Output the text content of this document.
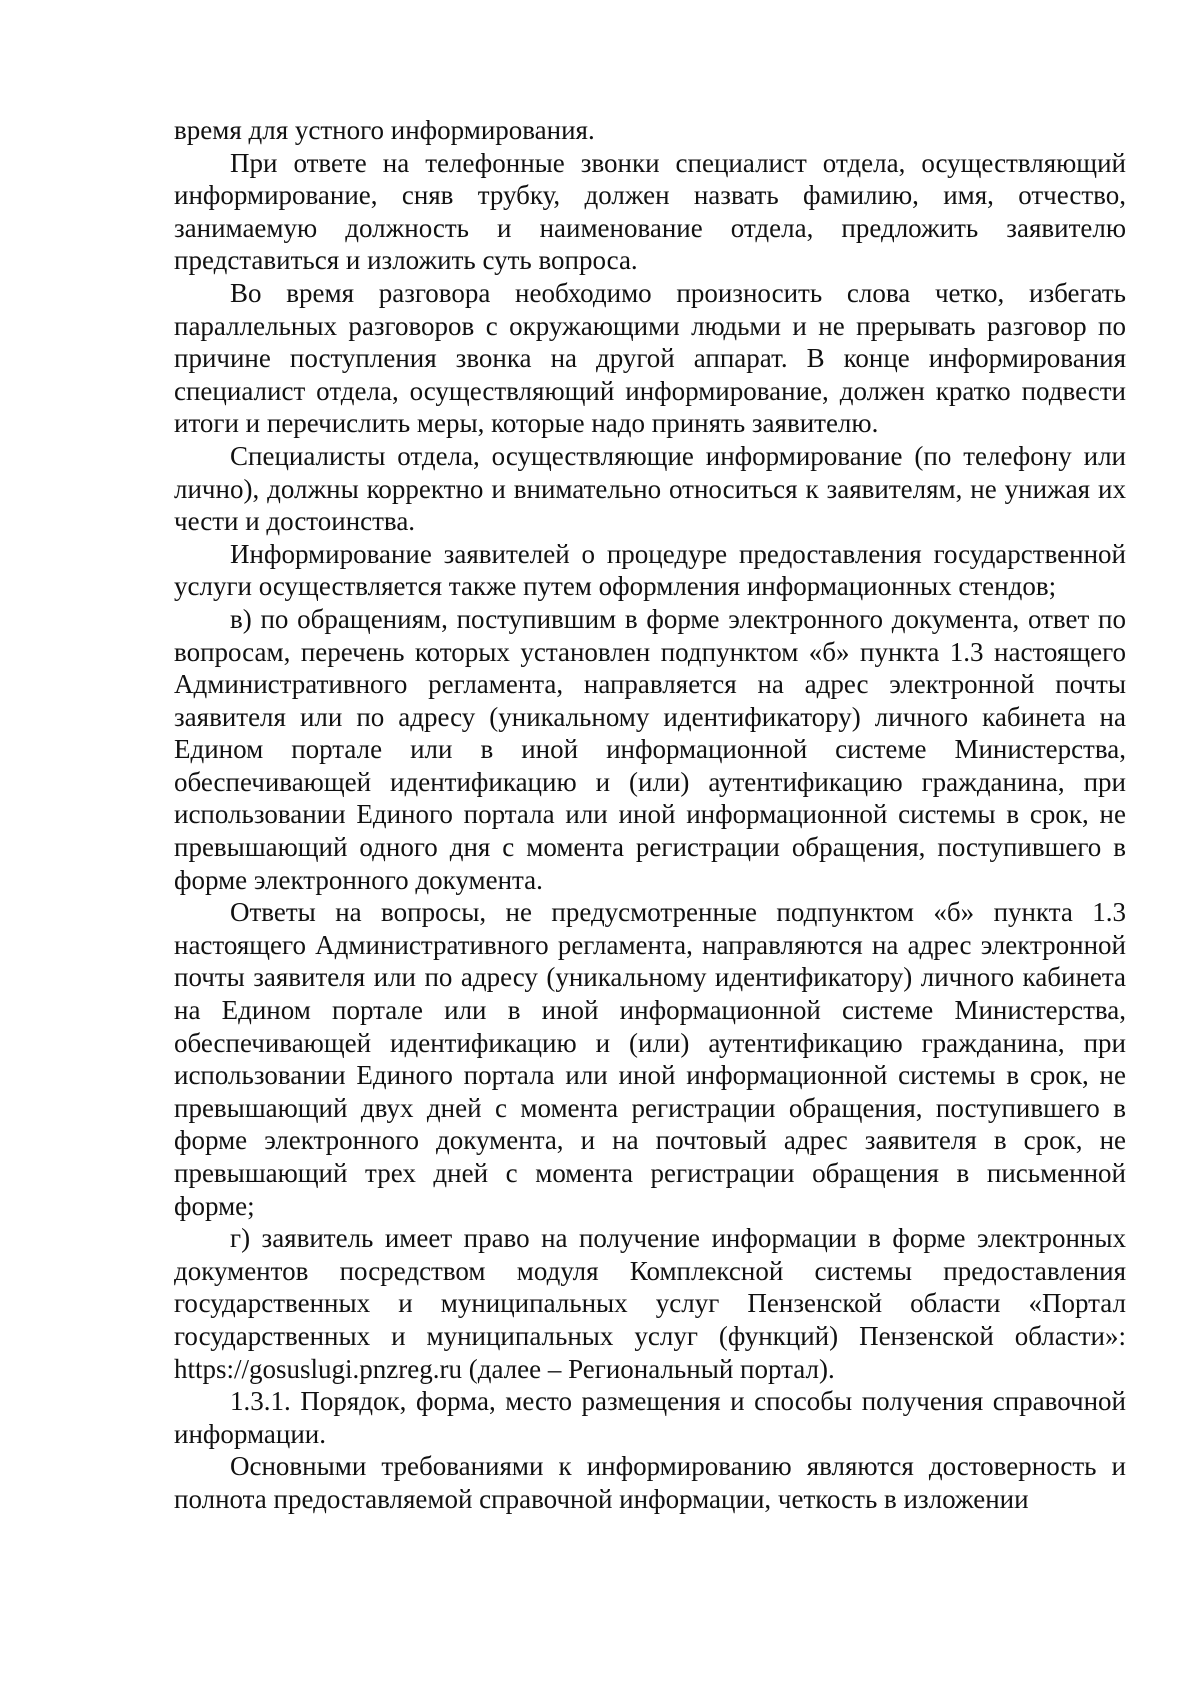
время для устного информирования.

При ответе на телефонные звонки специалист отдела, осуществляющий информирование, сняв трубку, должен назвать фамилию, имя, отчество, занимаемую должность и наименование отдела, предложить заявителю представиться и изложить суть вопроса.

Во время разговора необходимо произносить слова четко, избегать параллельных разговоров с окружающими людьми и не прерывать разговор по причине поступления звонка на другой аппарат. В конце информирования специалист отдела, осуществляющий информирование, должен кратко подвести итоги и перечислить меры, которые надо принять заявителю.

Специалисты отдела, осуществляющие информирование (по телефону или лично), должны корректно и внимательно относиться к заявителям, не унижая их чести и достоинства.

Информирование заявителей о процедуре предоставления государственной услуги осуществляется также путем оформления информационных стендов;

в) по обращениям, поступившим в форме электронного документа, ответ по вопросам, перечень которых установлен подпунктом «б» пункта 1.3 настоящего Административного регламента, направляется на адрес электронной почты заявителя или по адресу (уникальному идентификатору) личного кабинета на Едином портале или в иной информационной системе Министерства, обеспечивающей идентификацию и (или) аутентификацию гражданина, при использовании Единого портала или иной информационной системы в срок, не превышающий одного дня с момента регистрации обращения, поступившего в форме электронного документа.

Ответы на вопросы, не предусмотренные подпунктом «б» пункта 1.3 настоящего Административного регламента, направляются на адрес электронной почты заявителя или по адресу (уникальному идентификатору) личного кабинета на Едином портале или в иной информационной системе Министерства, обеспечивающей идентификацию и (или) аутентификацию гражданина, при использовании Единого портала или иной информационной системы в срок, не превышающий двух дней с момента регистрации обращения, поступившего в форме электронного документа, и на почтовый адрес заявителя в срок, не превышающий трех дней с момента регистрации обращения в письменной форме;

г) заявитель имеет право на получение информации в форме электронных документов посредством модуля Комплексной системы предоставления государственных и муниципальных услуг Пензенской области «Портал государственных и муниципальных услуг (функций) Пензенской области»: https://gosuslugi.pnzreg.ru (далее – Региональный портал).

1.3.1. Порядок, форма, место размещения и способы получения справочной информации.

Основными требованиями к информированию являются достоверность и полнота предоставляемой справочной информации, четкость в изложении
